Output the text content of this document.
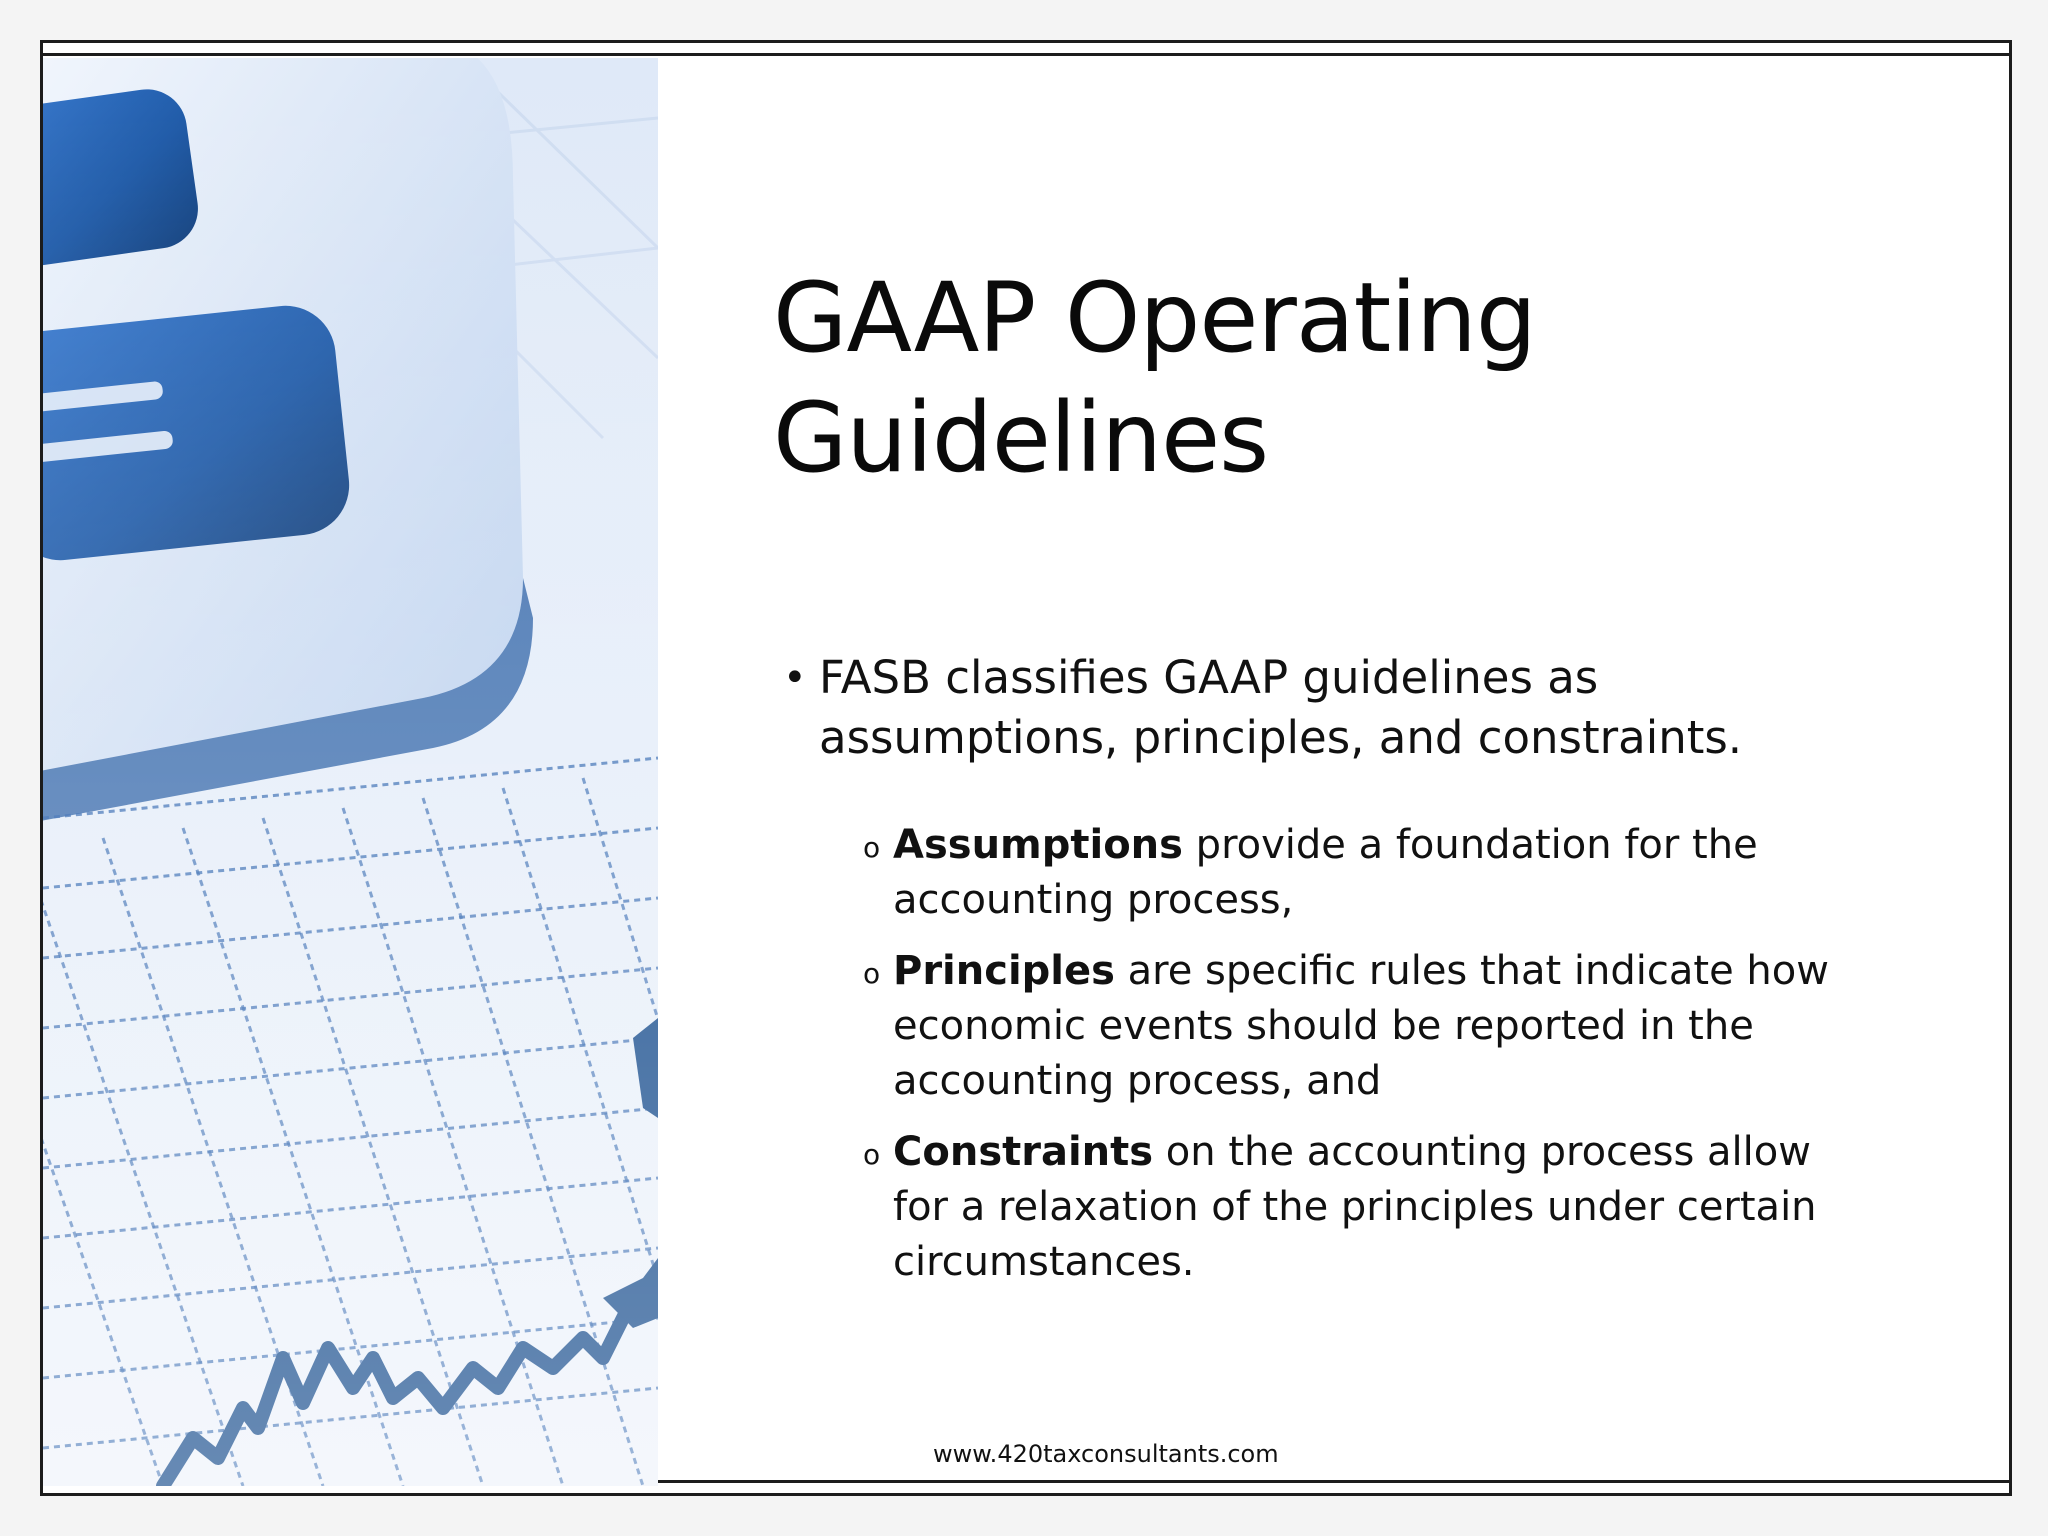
GAAP Operating
Guidelines
• FASB classifies GAAP guidelines as assumptions, principles, and constraints.
o Assumptions provide a foundation for the accounting process,
o Principles are specific rules that indicate how economic events should be reported in the accounting process, and
o Constraints on the accounting process allow for a relaxation of the principles under certain circumstances.
www.420taxconsultants.com
